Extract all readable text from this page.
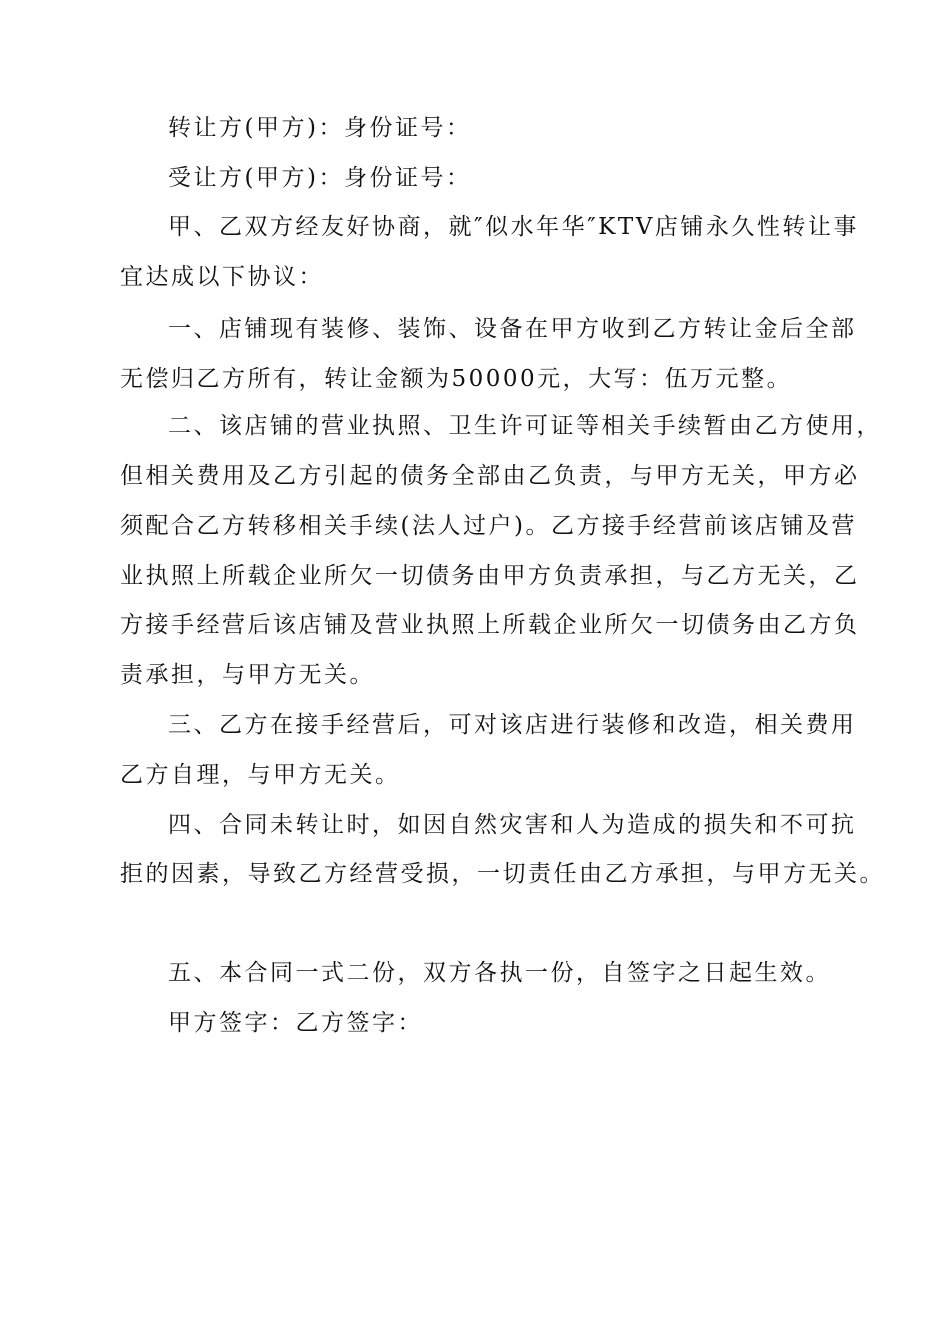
转让方(甲方)：身份证号：
受让方(甲方)：身份证号：
甲、乙双方经友好协商，就″似水年华″KTV店铺永久性转让事
宜达成以下协议：
一、店铺现有装修、装饰、设备在甲方收到乙方转让金后全部
无偿归乙方所有，转让金额为50000元，大写：伍万元整。
二、该店铺的营业执照、卫生许可证等相关手续暂由乙方使用，
但相关费用及乙方引起的债务全部由乙负责，与甲方无关，甲方必
须配合乙方转移相关手续(法人过户)。乙方接手经营前该店铺及营
业执照上所载企业所欠一切债务由甲方负责承担，与乙方无关，乙
方接手经营后该店铺及营业执照上所载企业所欠一切债务由乙方负
责承担，与甲方无关。
三、乙方在接手经营后，可对该店进行装修和改造，相关费用
乙方自理，与甲方无关。
四、合同未转让时，如因自然灾害和人为造成的损失和不可抗
拒的因素，导致乙方经营受损，一切责任由乙方承担，与甲方无关。
五、本合同一式二份，双方各执一份，自签字之日起生效。
甲方签字：乙方签字：
